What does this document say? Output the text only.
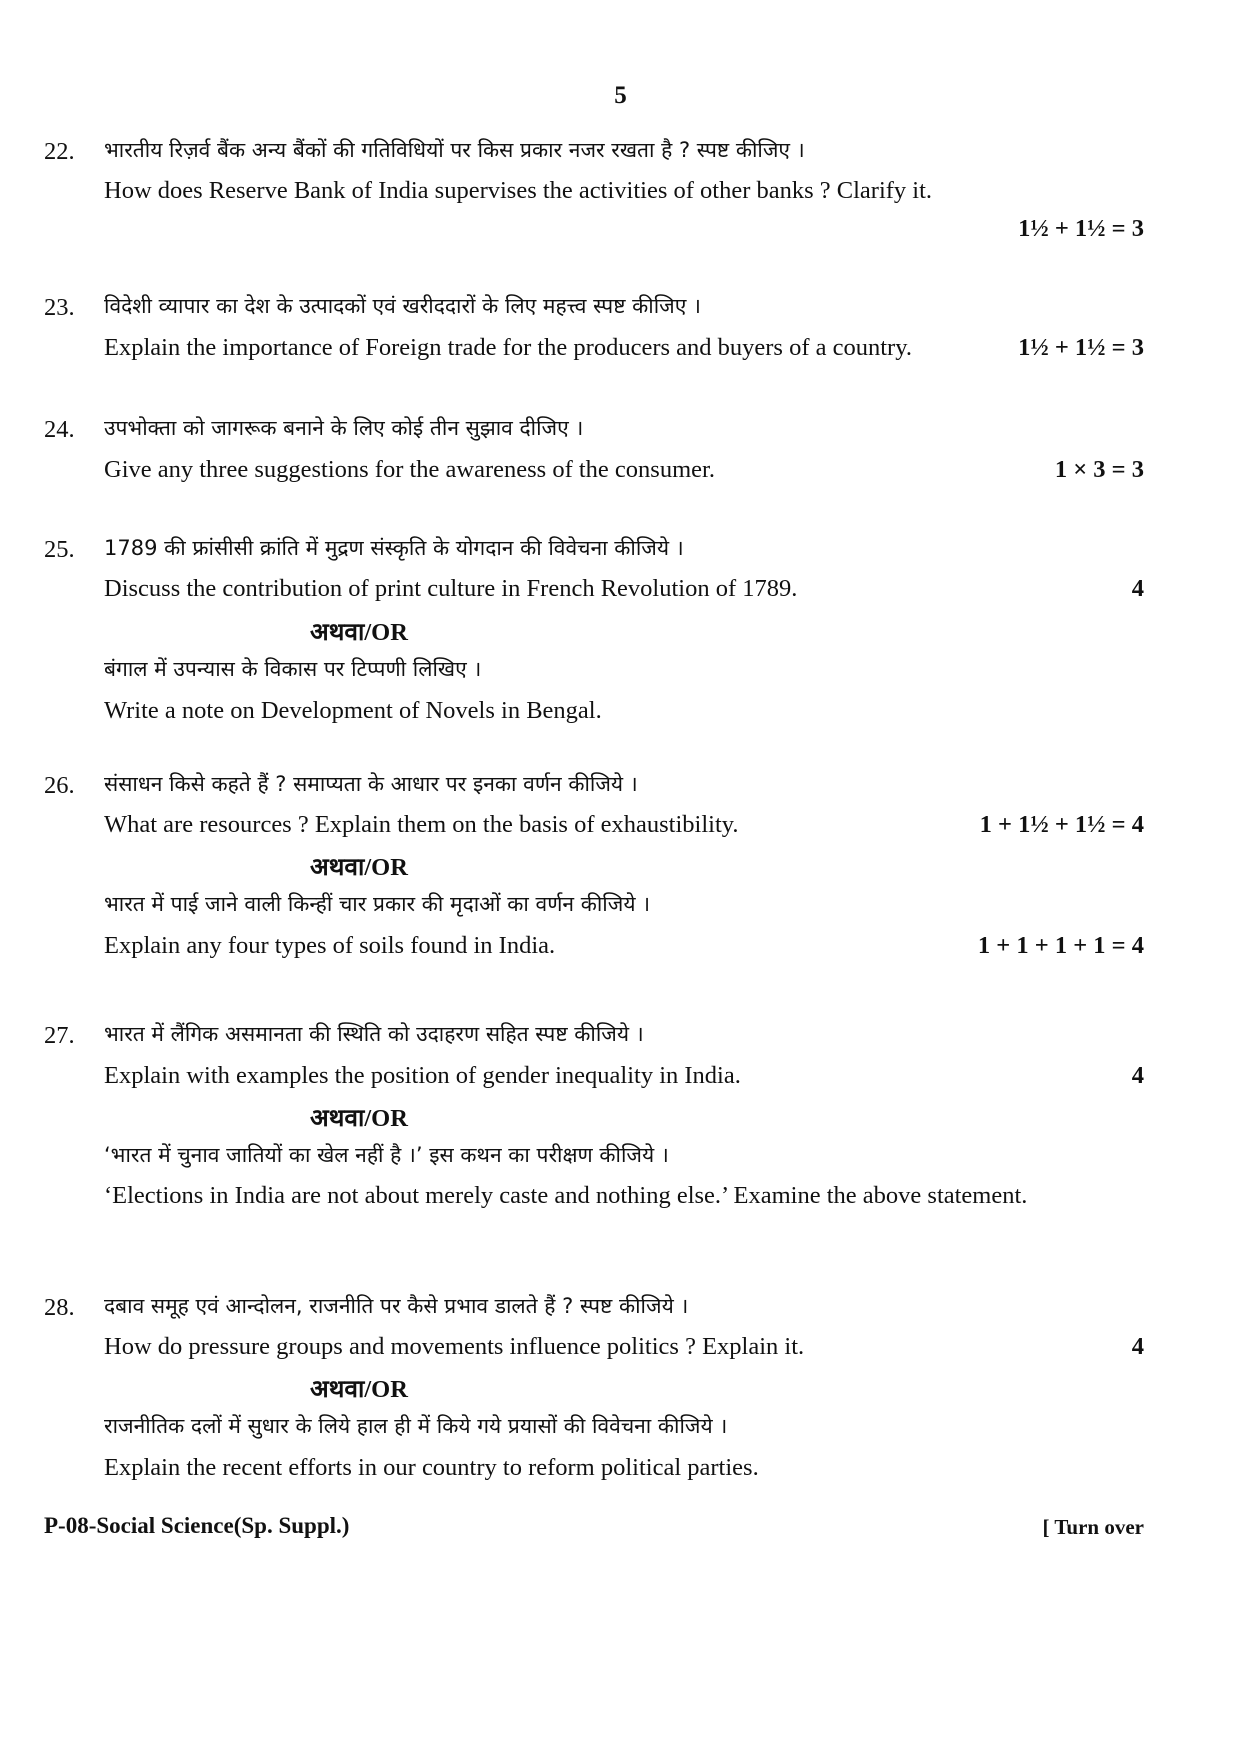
5
22. भारतीय रिज़र्व बैंक अन्य बैंकों की गतिविधियों पर किस प्रकार नजर रखता है ? स्पष्ट कीजिए ।
How does Reserve Bank of India supervises the activities of other banks ? Clarify it.
1½ + 1½ = 3
23. विदेशी व्यापार का देश के उत्पादकों एवं खरीददारों के लिए महत्त्व स्पष्ट कीजिए ।
Explain the importance of Foreign trade for the producers and buyers of a country.	1½ + 1½ = 3
24. उपभोक्ता को जागरूक बनाने के लिए कोई तीन सुझाव दीजिए ।
Give any three suggestions for the awareness of the consumer.	1 × 3 = 3
25. 1789 की फ्रांसीसी क्रांति में मुद्रण संस्कृति के योगदान की विवेचना कीजिये ।
Discuss the contribution of print culture in French Revolution of 1789.	4
अथवा/OR
बंगाल में उपन्यास के विकास पर टिप्पणी लिखिए ।
Write a note on Development of Novels in Bengal.
26. संसाधन किसे कहते हैं ? समाप्यता के आधार पर इनका वर्णन कीजिये ।
What are resources ? Explain them on the basis of exhaustibility.	1 + 1½ + 1½ = 4
अथवा/OR
भारत में पाई जाने वाली किन्हीं चार प्रकार की मृदाओं का वर्णन कीजिये ।
Explain any four types of soils found in India.	1 + 1 + 1 + 1 = 4
27. भारत में लैंगिक असमानता की स्थिति को उदाहरण सहित स्पष्ट कीजिये ।
Explain with examples the position of gender inequality in India.	4
अथवा/OR
‘भारत में चुनाव जातियों का खेल नहीं है ।’ इस कथन का परीक्षण कीजिये ।
‘Elections in India are not about merely caste and nothing else.’ Examine the above statement.
28. दबाव समूह एवं आन्दोलन, राजनीति पर कैसे प्रभाव डालते हैं ? स्पष्ट कीजिये ।
How do pressure groups and movements influence politics ? Explain it.	4
अथवा/OR
राजनीतिक दलों में सुधार के लिये हाल ही में किये गये प्रयासों की विवेचना कीजिये ।
Explain the recent efforts in our country to reform political parties.
P-08-Social Science(Sp. Suppl.)	[ Turn over
